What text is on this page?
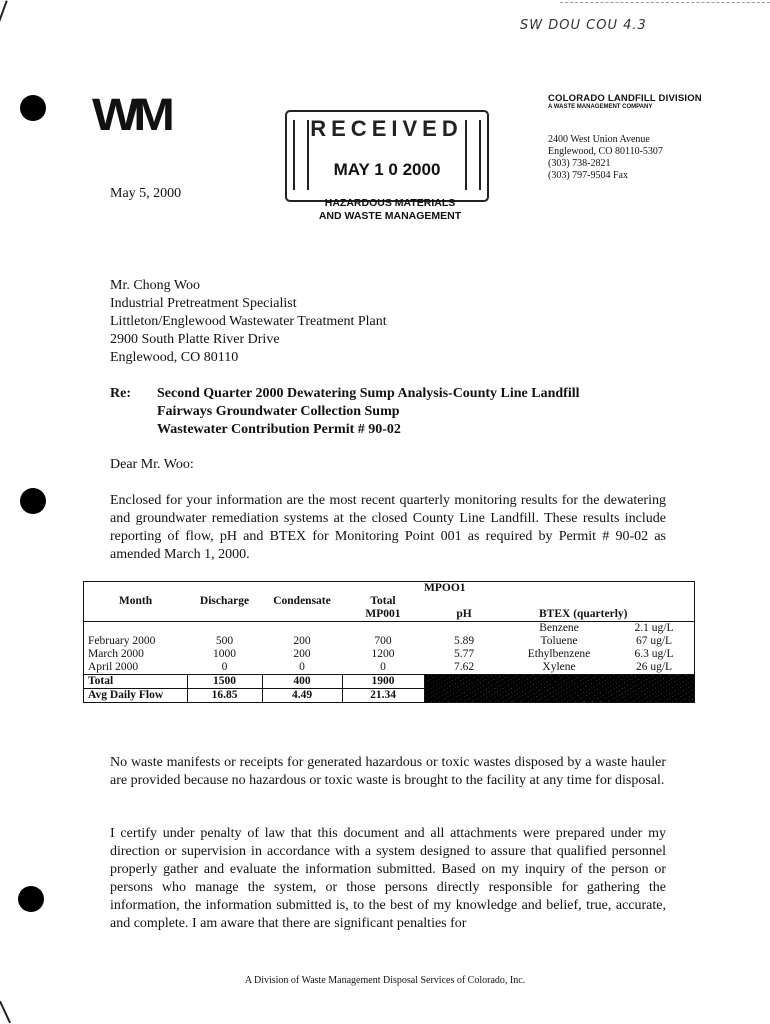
SW DOU COU 4.3
WM	COLORADO LANDFILL DIVISION
A WASTE MANAGEMENT COMPANY
2400 West Union Avenue
Englewood, CO 80110-5307
(303) 738-2821
(303) 797-9504 Fax
RECEIVED
MAY 1 0 2000
HAZARDOUS MATERIALS
AND WASTE MANAGEMENT
May 5, 2000
Mr. Chong Woo
Industrial Pretreatment Specialist
Littleton/Englewood Wastewater Treatment Plant
2900 South Platte River Drive
Englewood, CO 80110
Re: Second Quarter 2000 Dewatering Sump Analysis-County Line Landfill
Fairways Groundwater Collection Sump
Wastewater Contribution Permit # 90-02
Dear Mr. Woo:
Enclosed for your information are the most recent quarterly monitoring results for the dewatering and groundwater remediation systems at the closed County Line Landfill. These results include reporting of flow, pH and BTEX for Monitoring Point 001 as required by Permit # 90-02 as amended March 1, 2000.
				MPOO1		
Month	Discharge	Condensate	Total			
			MP001	pH	BTEX (quarterly)	
					Benzene	2.1 ug/L
February 2000	500	200	700	5.89	Toluene	67 ug/L
March 2000	1000	200	1200	5.77	Ethylbenzene	6.3 ug/L
April 2000	0	0	0	7.62	Xylene	26 ug/L
Total	1500	400	1900			
Avg Daily Flow	16.85	4.49	21.34			
No waste manifests or receipts for generated hazardous or toxic wastes disposed by a waste hauler are provided because no hazardous or toxic waste is brought to the facility at any time for disposal.
I certify under penalty of law that this document and all attachments were prepared under my direction or supervision in accordance with a system designed to assure that qualified personnel properly gather and evaluate the information submitted. Based on my inquiry of the person or persons who manage the system, or those persons directly responsible for gathering the information, the information submitted is, to the best of my knowledge and belief, true, accurate, and complete. I am aware that there are significant penalties for
A Division of Waste Management Disposal Services of Colorado, Inc.
